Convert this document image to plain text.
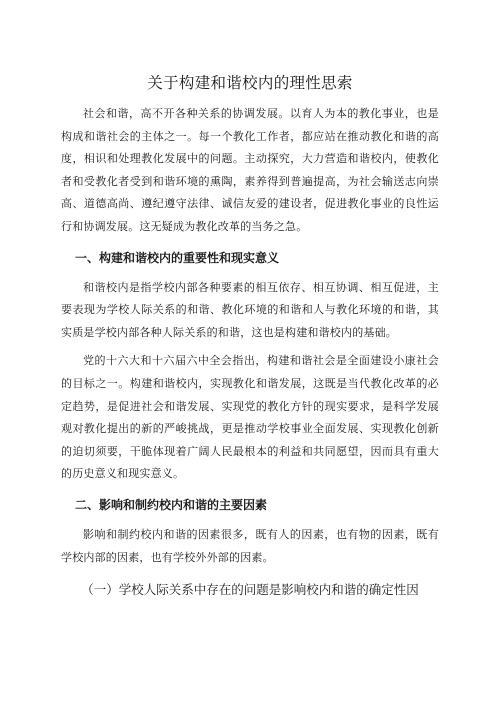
关于构建和谐校内的理性思索

社会和谐，高不开各种关系的协调发展。以育人为本的教化事业，也是构成和谐社会的主体之一。每一个教化工作者，都应站在推动教化和谐的高度，相识和处理教化发展中的问题。主动探究，大力营造和谐校内，使教化者和受教化者受到和谐环境的熏陶，素养得到普遍提高，为社会输送志向崇高、道德高尚、遵纪遵守法律、诚信友爱的建设者，促进教化事业的良性运行和协调发展。这无疑成为教化改革的当务之急。

一、构建和谐校内的重要性和现实意义

和谐校内是指学校内部各种要素的相互依存、相互协调、相互促进，主要表现为学校人际关系的和谐、教化环境的和谐和人与教化环境的和谐，其实质是学校内部各种人际关系的和谐，这也是构建和谐校内的基础。

党的十六大和十六届六中全会指出，构建和谐社会是全面建设小康社会的目标之一。构建和谐校内，实现教化和谐发展，这既是当代教化改革的必定趋势，是促进社会和谐发展、实现党的教化方针的现实要求，是科学发展观对教化提出的新的严峻挑战，更是推动学校事业全面发展、实现教化创新的迫切须要，干脆体现着广阔人民最根本的利益和共同愿望，因而具有重大的历史意义和现实意义。

二、影响和制约校内和谐的主要因素

影响和制约校内和谐的因素很多，既有人的因素，也有物的因素，既有学校内部的因素，也有学校外外部的因素。

（一）学校人际关系中存在的问题是影响校内和谐的确定性因
